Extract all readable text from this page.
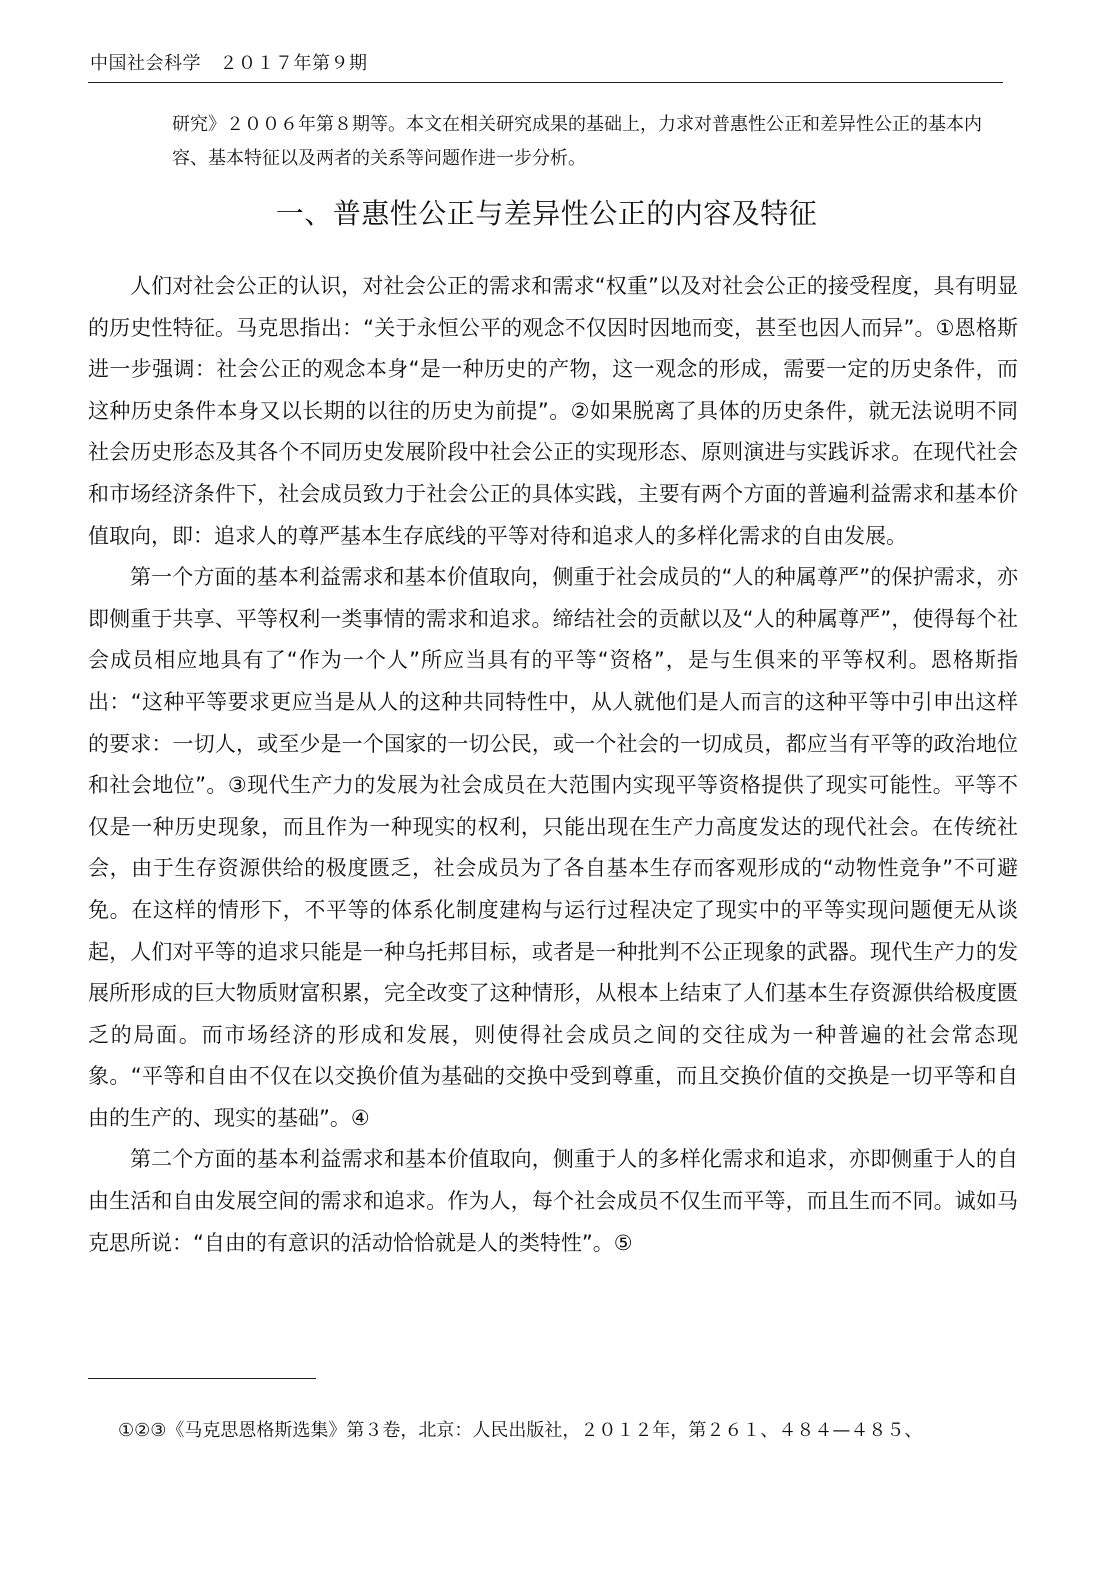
中国社会科学　２０１７年第９期

研究》２００６年第８期等。本文在相关研究成果的基础上，力求对普惠性公正和差异性公正的基本内容、基本特征以及两者的关系等问题作进一步分析。

一、普惠性公正与差异性公正的内容及特征

人们对社会公正的认识，对社会公正的需求和需求“权重”以及对社会公正的接受程度，具有明显的历史性特征。马克思指出：“关于永恒公平的观念不仅因时因地而变，甚至也因人而异”。①恩格斯进一步强调：社会公正的观念本身“是一种历史的产物，这一观念的形成，需要一定的历史条件，而这种历史条件本身又以长期的以往的历史为前提”。②如果脱离了具体的历史条件，就无法说明不同社会历史形态及其各个不同历史发展阶段中社会公正的实现形态、原则演进与实践诉求。在现代社会和市场经济条件下，社会成员致力于社会公正的具体实践，主要有两个方面的普遍利益需求和基本价值取向，即：追求人的尊严基本生存底线的平等对待和追求人的多样化需求的自由发展。

第一个方面的基本利益需求和基本价值取向，侧重于社会成员的“人的种属尊严”的保护需求，亦即侧重于共享、平等权利一类事情的需求和追求。缔结社会的贡献以及“人的种属尊严”，使得每个社会成员相应地具有了“作为一个人”所应当具有的平等“资格”，是与生俱来的平等权利。恩格斯指出：“这种平等要求更应当是从人的这种共同特性中，从人就他们是人而言的这种平等中引申出这样的要求：一切人，或至少是一个国家的一切公民，或一个社会的一切成员，都应当有平等的政治地位和社会地位”。③现代生产力的发展为社会成员在大范围内实现平等资格提供了现实可能性。平等不仅是一种历史现象，而且作为一种现实的权利，只能出现在生产力高度发达的现代社会。在传统社会，由于生存资源供给的极度匮乏，社会成员为了各自基本生存而客观形成的“动物性竞争”不可避免。在这样的情形下，不平等的体系化制度建构与运行过程决定了现实中的平等实现问题便无从谈起，人们对平等的追求只能是一种乌托邦目标，或者是一种批判不公正现象的武器。现代生产力的发展所形成的巨大物质财富积累，完全改变了这种情形，从根本上结束了人们基本生存资源供给极度匮乏的局面。而市场经济的形成和发展，则使得社会成员之间的交往成为一种普遍的社会常态现象。“平等和自由不仅在以交换价值为基础的交换中受到尊重，而且交换价值的交换是一切平等和自由的生产的、现实的基础”。④

第二个方面的基本利益需求和基本价值取向，侧重于人的多样化需求和追求，亦即侧重于人的自由生活和自由发展空间的需求和追求。作为人，每个社会成员不仅生而平等，而且生而不同。诚如马克思所说：“自由的有意识的活动恰恰就是人的类特性”。⑤

①②③《马克思恩格斯选集》第３卷，北京：人民出版社，２０１２年，第２６１、４８４—４８５、
